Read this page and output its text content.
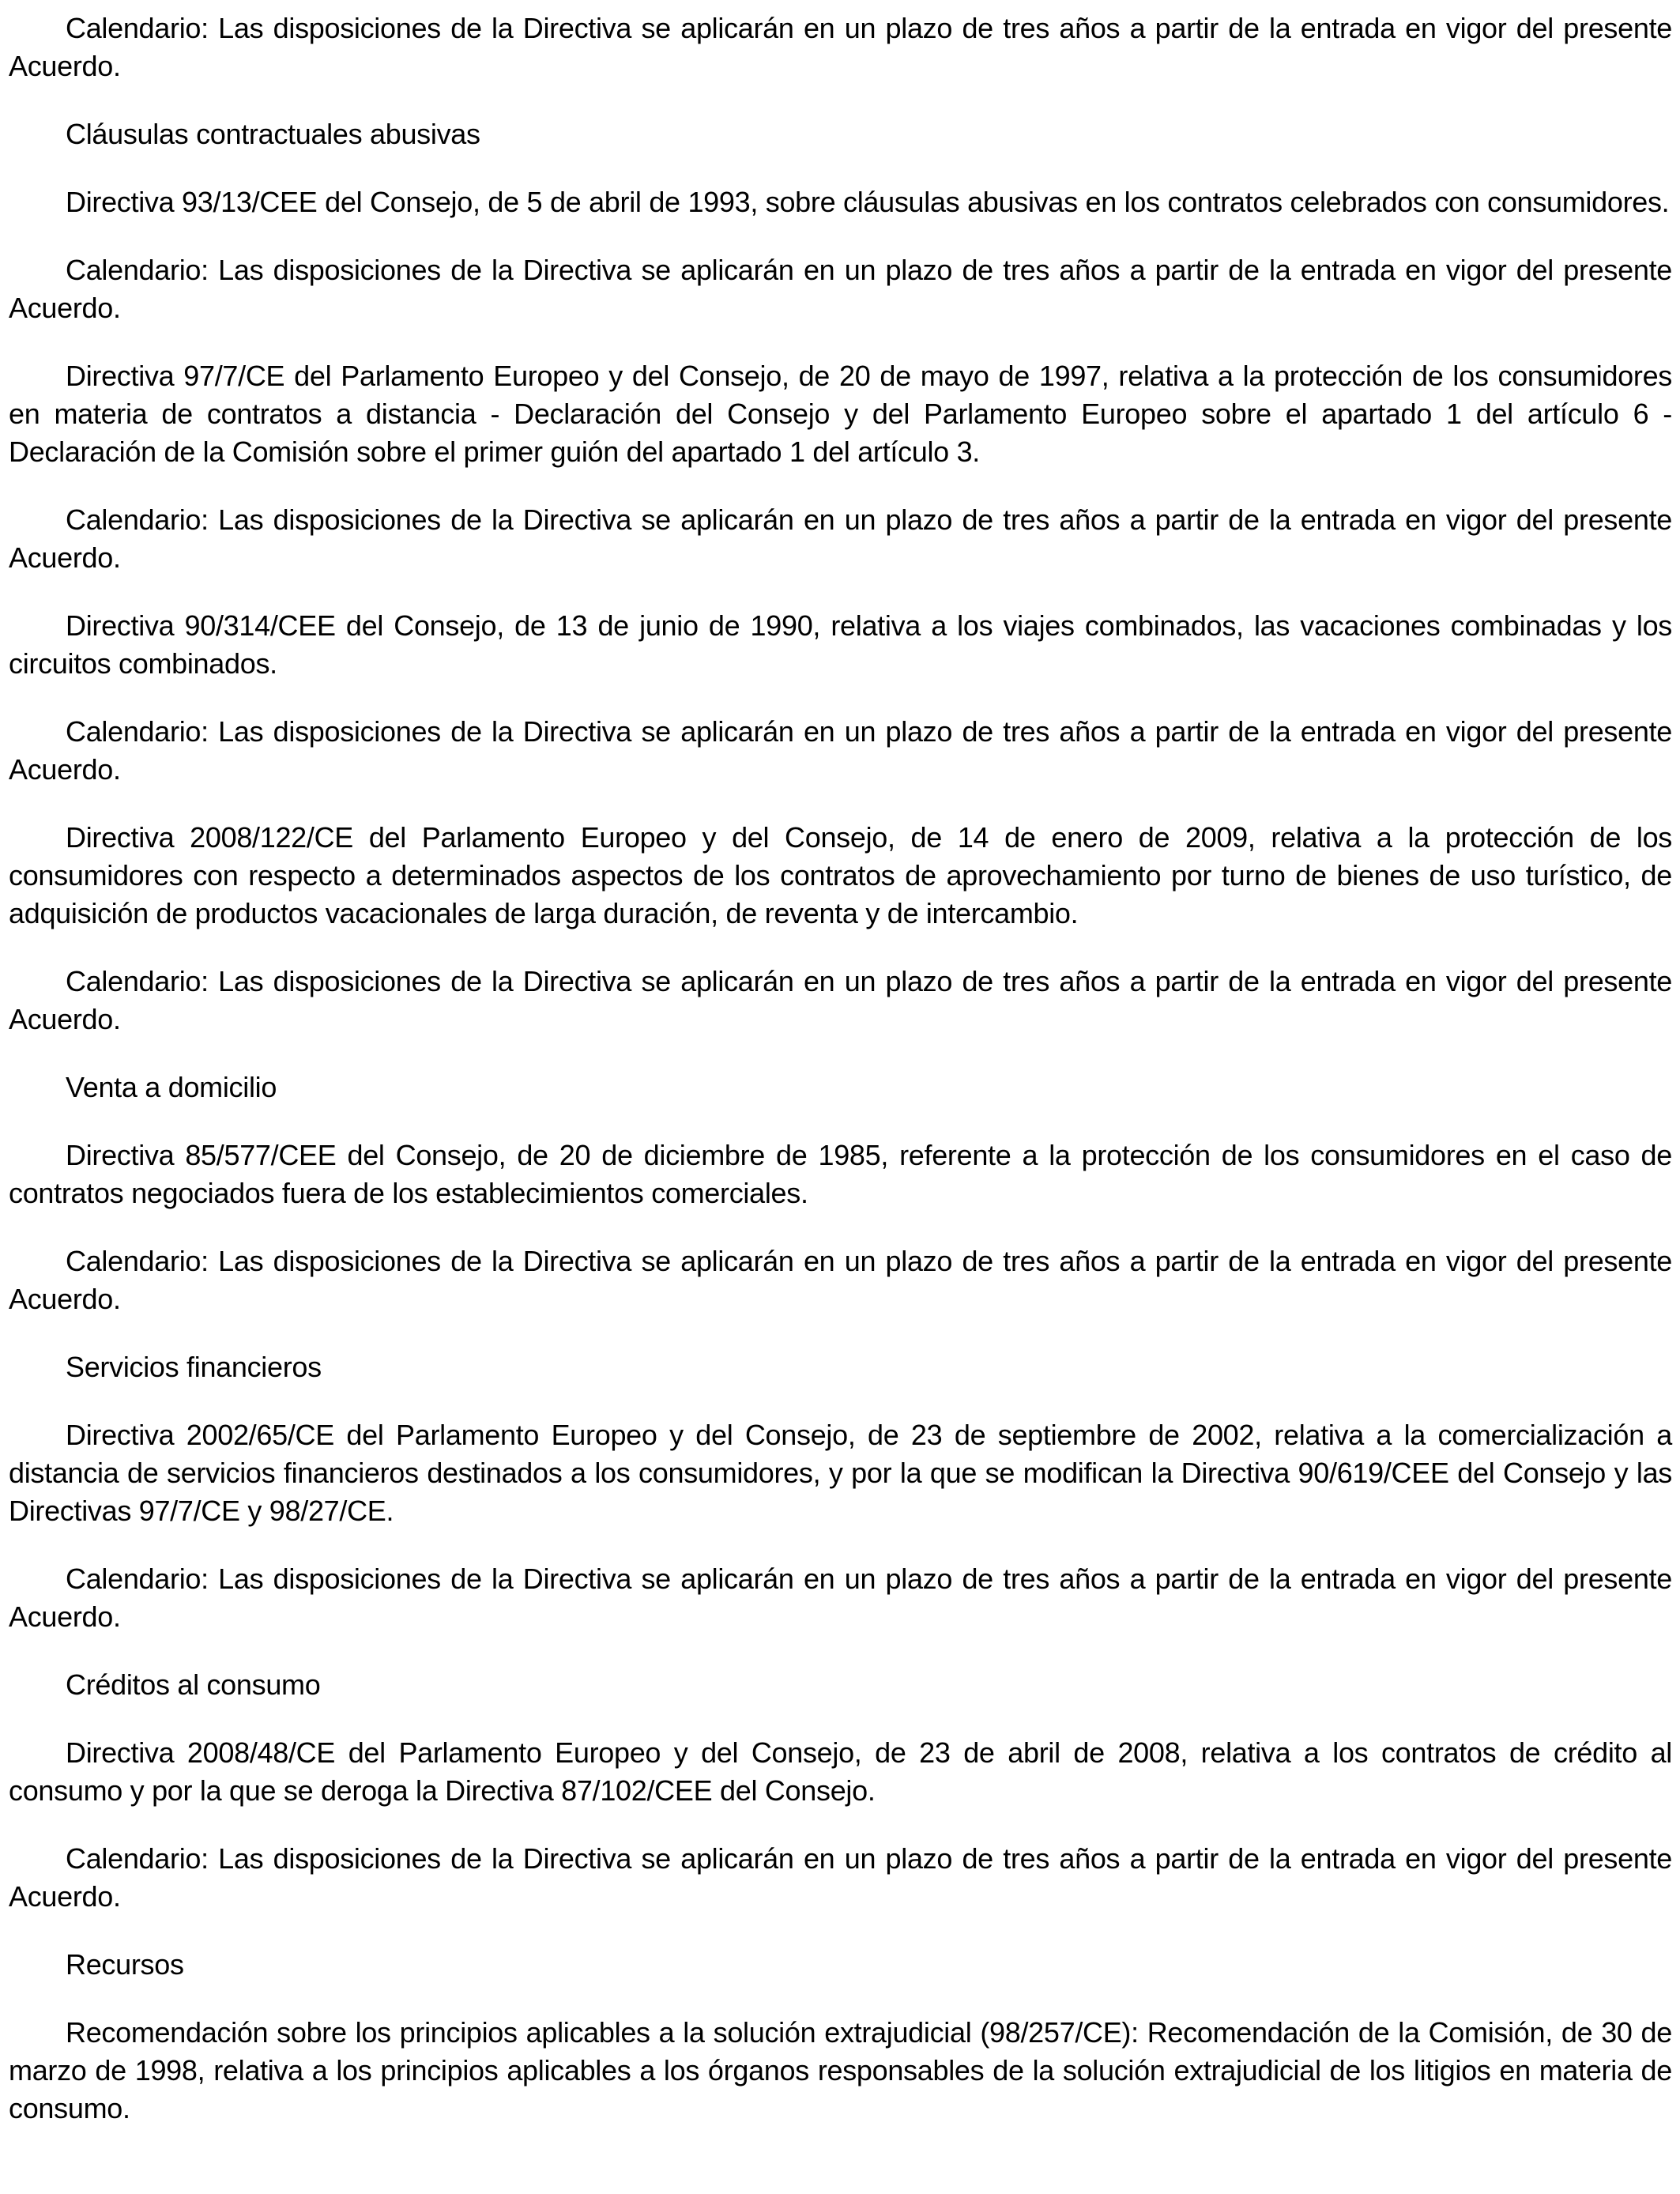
Calendario: Las disposiciones de la Directiva se aplicarán en un plazo de tres años a partir de la entrada en vigor del presente Acuerdo.

Cláusulas contractuales abusivas

Directiva 93/13/CEE del Consejo, de 5 de abril de 1993, sobre cláusulas abusivas en los contratos celebrados con consumidores.

Calendario: Las disposiciones de la Directiva se aplicarán en un plazo de tres años a partir de la entrada en vigor del presente Acuerdo.

Directiva 97/7/CE del Parlamento Europeo y del Consejo, de 20 de mayo de 1997, relativa a la protección de los consumidores en materia de contratos a distancia - Declaración del Consejo y del Parlamento Europeo sobre el apartado 1 del artículo 6 - Declaración de la Comisión sobre el primer guión del apartado 1 del artículo 3.

Calendario: Las disposiciones de la Directiva se aplicarán en un plazo de tres años a partir de la entrada en vigor del presente Acuerdo.

Directiva 90/314/CEE del Consejo, de 13 de junio de 1990, relativa a los viajes combinados, las vacaciones combinadas y los circuitos combinados.

Calendario: Las disposiciones de la Directiva se aplicarán en un plazo de tres años a partir de la entrada en vigor del presente Acuerdo.

Directiva 2008/122/CE del Parlamento Europeo y del Consejo, de 14 de enero de 2009, relativa a la protección de los consumidores con respecto a determinados aspectos de los contratos de aprovechamiento por turno de bienes de uso turístico, de adquisición de productos vacacionales de larga duración, de reventa y de intercambio.

Calendario: Las disposiciones de la Directiva se aplicarán en un plazo de tres años a partir de la entrada en vigor del presente Acuerdo.

Venta a domicilio

Directiva 85/577/CEE del Consejo, de 20 de diciembre de 1985, referente a la protección de los consumidores en el caso de contratos negociados fuera de los establecimientos comerciales.

Calendario: Las disposiciones de la Directiva se aplicarán en un plazo de tres años a partir de la entrada en vigor del presente Acuerdo.

Servicios financieros

Directiva 2002/65/CE del Parlamento Europeo y del Consejo, de 23 de septiembre de 2002, relativa a la comercialización a distancia de servicios financieros destinados a los consumidores, y por la que se modifican la Directiva 90/619/CEE del Consejo y las Directivas 97/7/CE y 98/27/CE.

Calendario: Las disposiciones de la Directiva se aplicarán en un plazo de tres años a partir de la entrada en vigor del presente Acuerdo.

Créditos al consumo

Directiva 2008/48/CE del Parlamento Europeo y del Consejo, de 23 de abril de 2008, relativa a los contratos de crédito al consumo y por la que se deroga la Directiva 87/102/CEE del Consejo.

Calendario: Las disposiciones de la Directiva se aplicarán en un plazo de tres años a partir de la entrada en vigor del presente Acuerdo.

Recursos

Recomendación sobre los principios aplicables a la solución extrajudicial (98/257/CE): Recomendación de la Comisión, de 30 de marzo de 1998, relativa a los principios aplicables a los órganos responsables de la solución extrajudicial de los litigios en materia de consumo.
